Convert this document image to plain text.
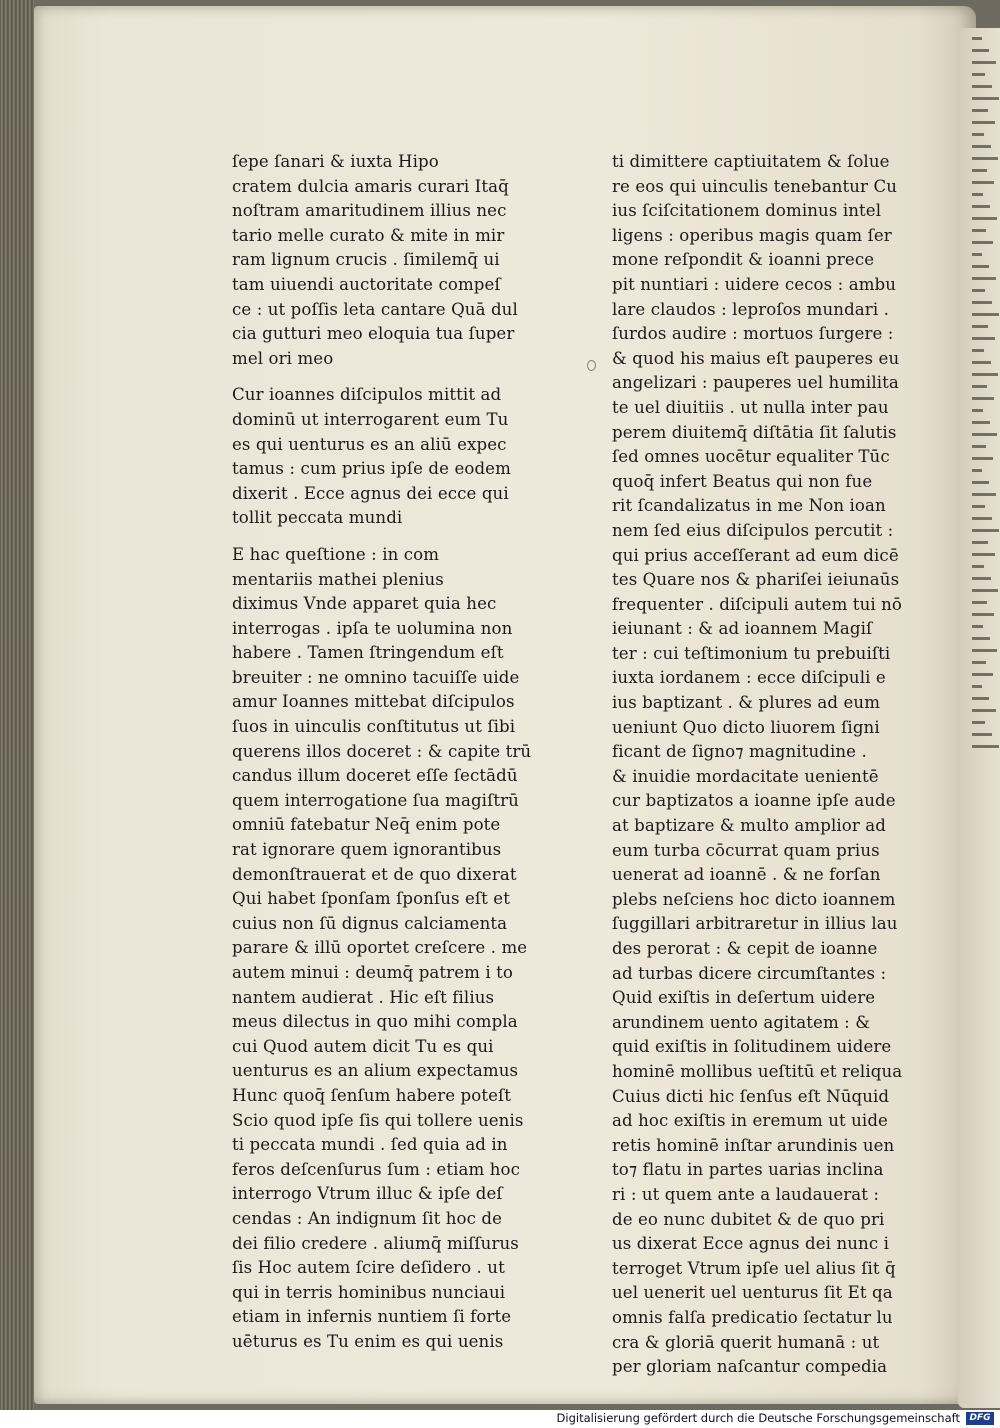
ſepe ſanari & iuxta Hipo
cratem dulcia amaris curari Itaq̄
noſtram amaritudinem illius nec
tario melle curato & mite in mir
ram lignum crucis . ſimilemq̄ ui
tam uiuendi auctoritate compeſ
ce : ut poſſis leta cantare Quā dul
cia gutturi meo eloquia tua ſuper
mel ori meo
Cur ioannes diſcipulos mittit ad
dominū ut interrogarent eum Tu
es qui uenturus es an aliū expec
tamus : cum prius ipſe de eodem
dixerit . Ecce agnus dei ecce qui
tollit peccata mundi
E hac queſtione : in com
mentariis mathei plenius
diximus Vnde apparet quia hec
interrogas . ipſa te uolumina non
habere . Tamen ſtringendum eſt
breuiter : ne omnino tacuiſſe uide
amur Ioannes mittebat diſcipulos
ſuos in uinculis conſtitutus ut ſibi
querens illos doceret : & capite trū
candus illum doceret eſſe ſectādū
quem interrogatione ſua magiſtrū
omniū fatebatur Neq̄ enim pote
rat ignorare quem ignorantibus
demonſtrauerat et de quo dixerat
Qui habet ſponſam ſponſus eſt et
cuius non ſū dignus calciamenta
parare & illū oportet creſcere . me
autem minui : deumq̄ patrem i to
nantem audierat . Hic eſt filius
meus dilectus in quo mihi compla
cui Quod autem dicit Tu es qui
uenturus es an alium expectamus
Hunc quoq̄ ſenſum habere poteſt
Scio quod ipſe ſis qui tollere uenis
ti peccata mundi . ſed quia ad in
feros deſcenſurus ſum : etiam hoc
interrogo Vtrum illuc & ipſe deſ
cendas : An indignum ſit hoc de
dei filio credere . aliumq̄ miſſurus
ſis Hoc autem ſcire deſidero . ut
qui in terris hominibus nunciaui
etiam in infernis nuntiem ſi forte
uēturus es Tu enim es qui uenis
ti dimittere captiuitatem & ſolue
re eos qui uinculis tenebantur Cu
ius ſciſcitationem dominus intel
ligens : operibus magis quam ſer
mone reſpondit & ioanni prece
pit nuntiari : uidere cecos : ambu
lare claudos : leproſos mundari .
ſurdos audire : mortuos ſurgere :
& quod his maius eſt pauperes eu
angelizari : pauperes uel humilita
te uel diuitiis . ut nulla inter pau
perem diuitemq̄ diſtātia ſit ſalutis
ſed omnes uocētur equaliter Tūc
quoq̄ infert Beatus qui non fue
rit ſcandalizatus in me Non ioan
nem ſed eius diſcipulos percutit :
qui prius acceſſerant ad eum dicē
tes Quare nos & phariſei ieiunaūs
frequenter . diſcipuli autem tui nō
ieiunant : & ad ioannem Magiſ
ter : cui teſtimonium tu prebuiſti
iuxta iordanem : ecce diſcipuli e
ius baptizant . & plures ad eum
ueniunt Quo dicto liuorem ſigni
ficant de ſigno⁊ magnitudine .
& inuidie mordacitate uenientē
cur baptizatos a ioanne ipſe aude
at baptizare & multo amplior ad
eum turba cōcurrat quam prius
uenerat ad ioannē . & ne forſan
plebs neſciens hoc dicto ioannem
ſuggillari arbitraretur in illius lau
des perorat : & cepit de ioanne
ad turbas dicere circumſtantes :
Quid exiſtis in deſertum uidere
arundinem uento agitatem : &
quid exiſtis in ſolitudinem uidere
hominē mollibus ueſtitū et reliqua
Cuius dicti hic ſenſus eſt Nūquid
ad hoc exiſtis in eremum ut uide
retis hominē inſtar arundinis uen
to⁊ flatu in partes uarias inclina
ri : ut quem ante a laudauerat :
de eo nunc dubitet & de quo pri
us dixerat Ecce agnus dei nunc i
terroget Vtrum ipſe uel alius ſit q̄
uel uenerit uel uenturus ſit Et qa
omnis falſa predicatio ſectatur lu
cra & gloriā querit humanā : ut
per gloriam naſcantur compedia
Digitalisierung gefördert durch die Deutsche Forschungsgemeinschaft	DFG
